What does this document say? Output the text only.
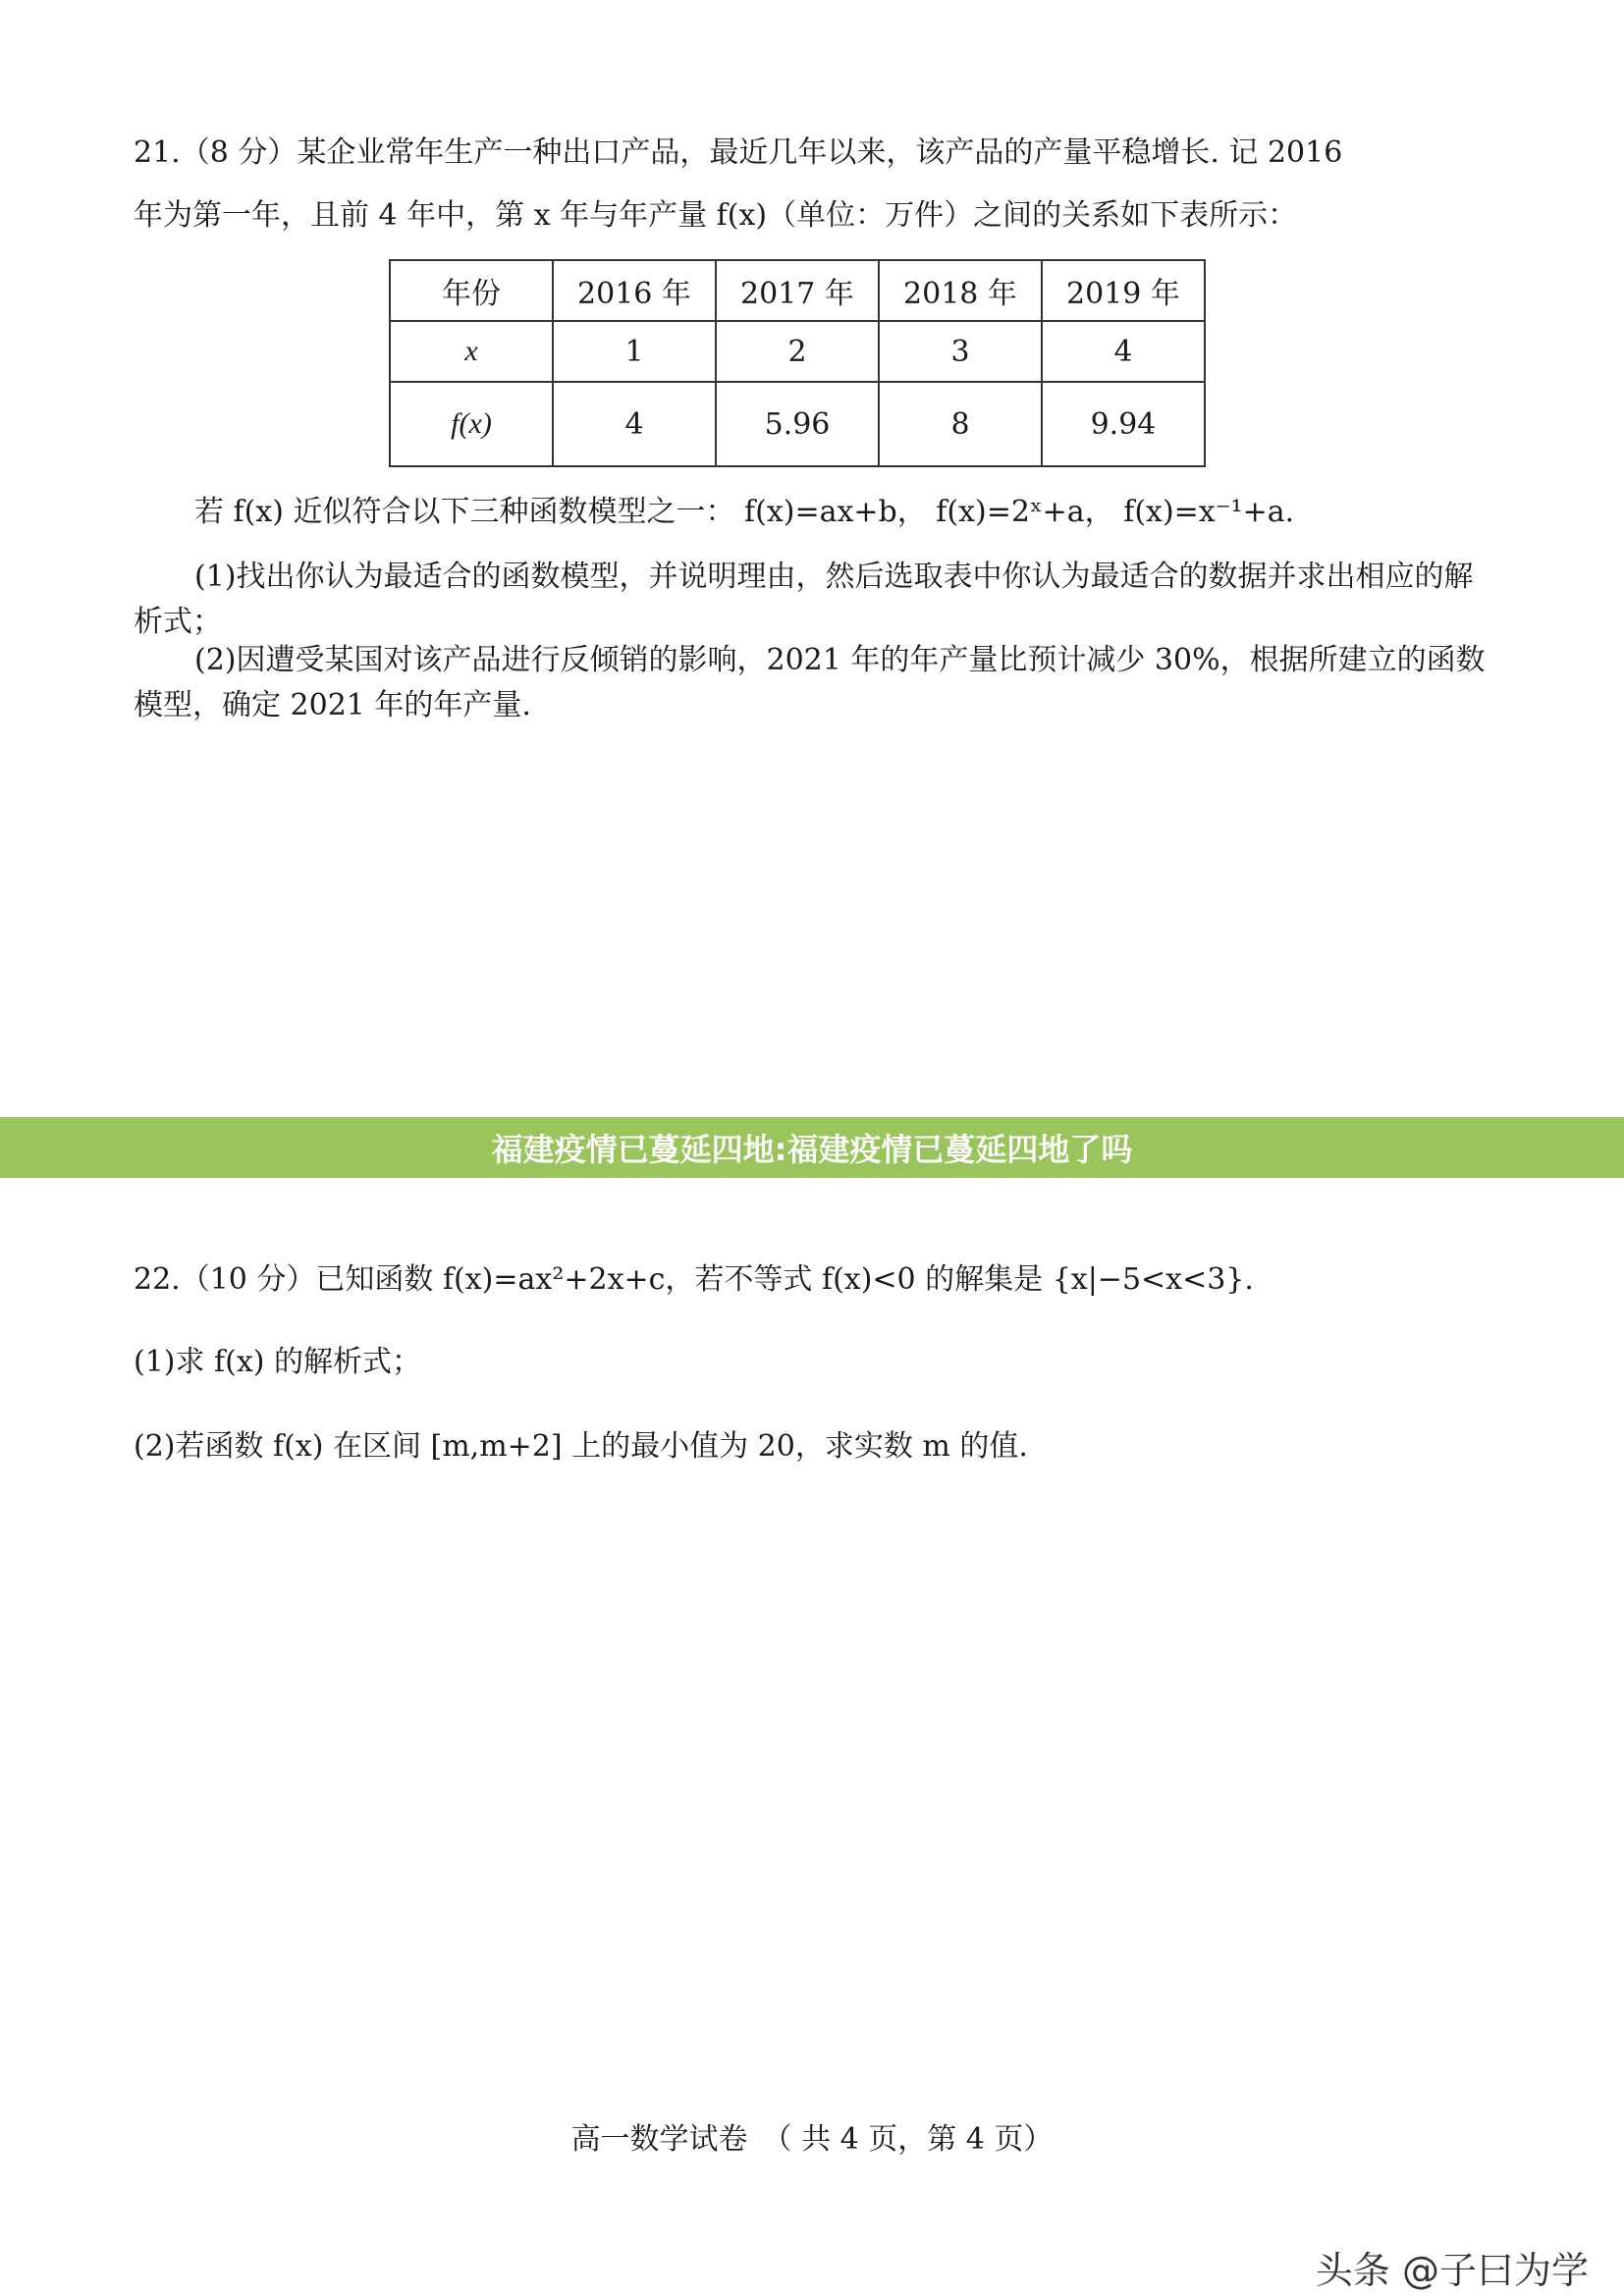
21.（8 分）某企业常年生产一种出口产品，最近几年以来，该产品的产量平稳增长. 记 2016
年为第一年，且前 4 年中，第 x 年与年产量 f(x)（单位：万件）之间的关系如下表所示：
年份	2016 年	2017 年	2018 年	2019 年
x	1	2	3	4
f(x)	4	5.96	8	9.94
若 f(x) 近似符合以下三种函数模型之一： f(x)=ax+b， f(x)=2ˣ+a， f(x)=x⁻¹+a.
(1)找出你认为最适合的函数模型，并说明理由，然后选取表中你认为最适合的数据并求出相应的解析式；
(2)因遭受某国对该产品进行反倾销的影响，2021 年的年产量比预计减少 30%，根据所建立的函数模型，确定 2021 年的年产量.
福建疫情已蔓延四地:福建疫情已蔓延四地了吗
22.（10 分）已知函数 f(x)=ax²+2x+c，若不等式 f(x)<0 的解集是 {x|−5<x<3}.
(1)求 f(x) 的解析式；
(2)若函数 f(x) 在区间 [m,m+2] 上的最小值为 20，求实数 m 的值.
高一数学试卷　（ 共 4 页，第 4 页）
头条 @子曰为学
